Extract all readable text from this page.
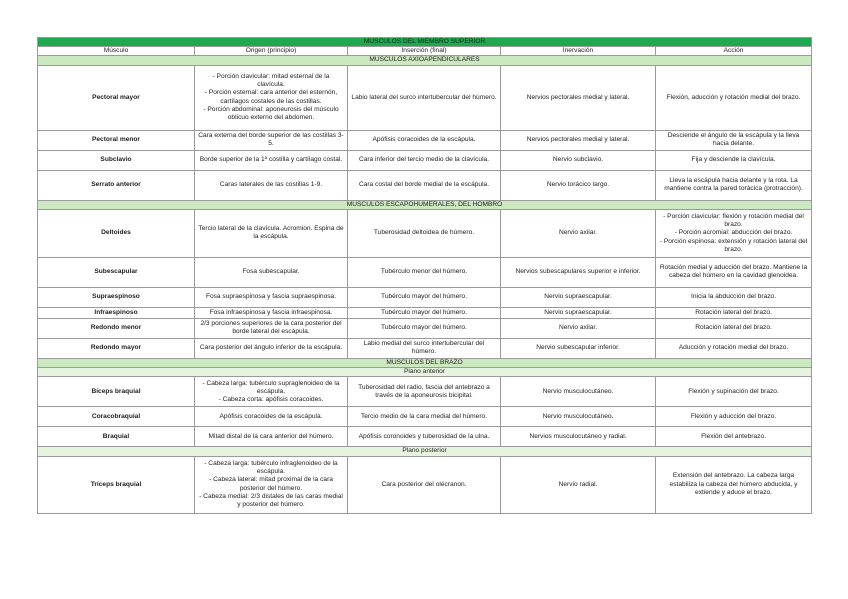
MÚSCULOS DEL MIEMBRO SUPERIOR				
Músculo	Origen (principio)	Inserción (final)	Inervación	Acción
MÚSCULOS AXIOAPENDICULARES				
Pectoral mayor	- Porción clavicular: mitad esternal de la clavícula.
- Porción esternal: cara anterior del esternón, cartílagos costales de las costillas.
- Porción abdominal: aponeurosis del músculo oblicuo externo del abdomen.	Labio lateral del surco intertubercular del húmero.	Nervios pectorales medial y lateral.	Flexión, aducción y rotación medial del brazo.
Pectoral menor	Cara externa del borde superior de las costillas 3-5.	Apófisis coracoides de la escápula.	Nervios pectorales medial y lateral.	Desciende el ángulo de la escápula y la lleva hacia delante.
Subclavio	Borde superior de la 1ª costilla y cartílago costal.	Cara inferior del tercio medio de la clavícula.	Nervio subclavio.	Fija y desciende la clavícula.
Serrato anterior	Caras laterales de las costillas 1-9.	Cara costal del borde medial de la escápula.	Nervio torácico largo.	Lleva la escápula hacia delante y la rota. La mantiene contra la pared torácica (protracción).
MÚSCULOS ESCAPOHUMERALES, DEL HOMBRO				
Deltoides	Tercio lateral de la clavícula. Acromion. Espina de la escápula.	Tuberosidad deltoidea de húmero.	Nervio axilar.	- Porción clavicular: flexión y rotación medial del brazo.
- Porción acromial: abducción del brazo.
- Porción espinosa: extensión y rotación lateral del brazo.
Subescapular	Fosa subescapular.	Tubérculo menor del húmero.	Nervios subescapulares superior e inferior.	Rotación medial y aducción del brazo. Mantiene la cabeza del húmero en la cavidad glenoidea.
Supraespinoso	Fosa supraespinosa y fascia supraespinosa.	Tubérculo mayor del húmero.	Nervio supraescapular.	Inicia la abducción del brazo.
Infraespinoso	Fosa infraespinosa y fascia infraespinosa.	Tubérculo mayor del húmero.	Nervio supraescapular.	Rotación lateral del brazo.
Redondo menor	2/3 porciones superiores de la cara posterior del borde lateral del escápula.	Tubérculo mayor del húmero.	Nervio axilar.	Rotación lateral del brazo.
Redondo mayor	Cara posterior del ángulo inferior de la escápula.	Labio medial del surco intertubercular del húmero.	Nervio subescapular inferior.	Aducción y rotación medial del brazo.
MÚSCULOS DEL BRAZO				
Plano anterior				
Bíceps braquial	- Cabeza larga: tubérculo supraglenoideo de la escápula.
- Cabeza corta: apófisis coracoides.	Tuberosidad del radio, fascia del antebrazo a través de la aponeurosis bicipital.	Nervio musculocutáneo.	Flexión y supinación del brazo.
Coracobraquial	Apófisis coracoides de la escápula.	Tercio medio de la cara medial del húmero.	Nervio musculocutáneo.	Flexión y aducción del brazo.
Braquial	Mitad distal de la cara anterior del húmero.	Apófisis coronoides y tuberosidad de la ulna.	Nervios musculocutáneo y radial.	Flexión del antebrazo.
Plano posterior				
Tríceps braquial	- Cabeza larga: tubérculo infraglenoideo de la escápula.
- Cabeza lateral: mitad proximal de la cara posterior del húmero.
- Cabeza medial: 2/3 distales de las caras medial y posterior del húmero.	Cara posterior del olécranon.	Nervio radial.	Extensión del antebrazo. La cabeza larga estabiliza la cabeza del húmero abducida, y extiende y aduce el brazo.
